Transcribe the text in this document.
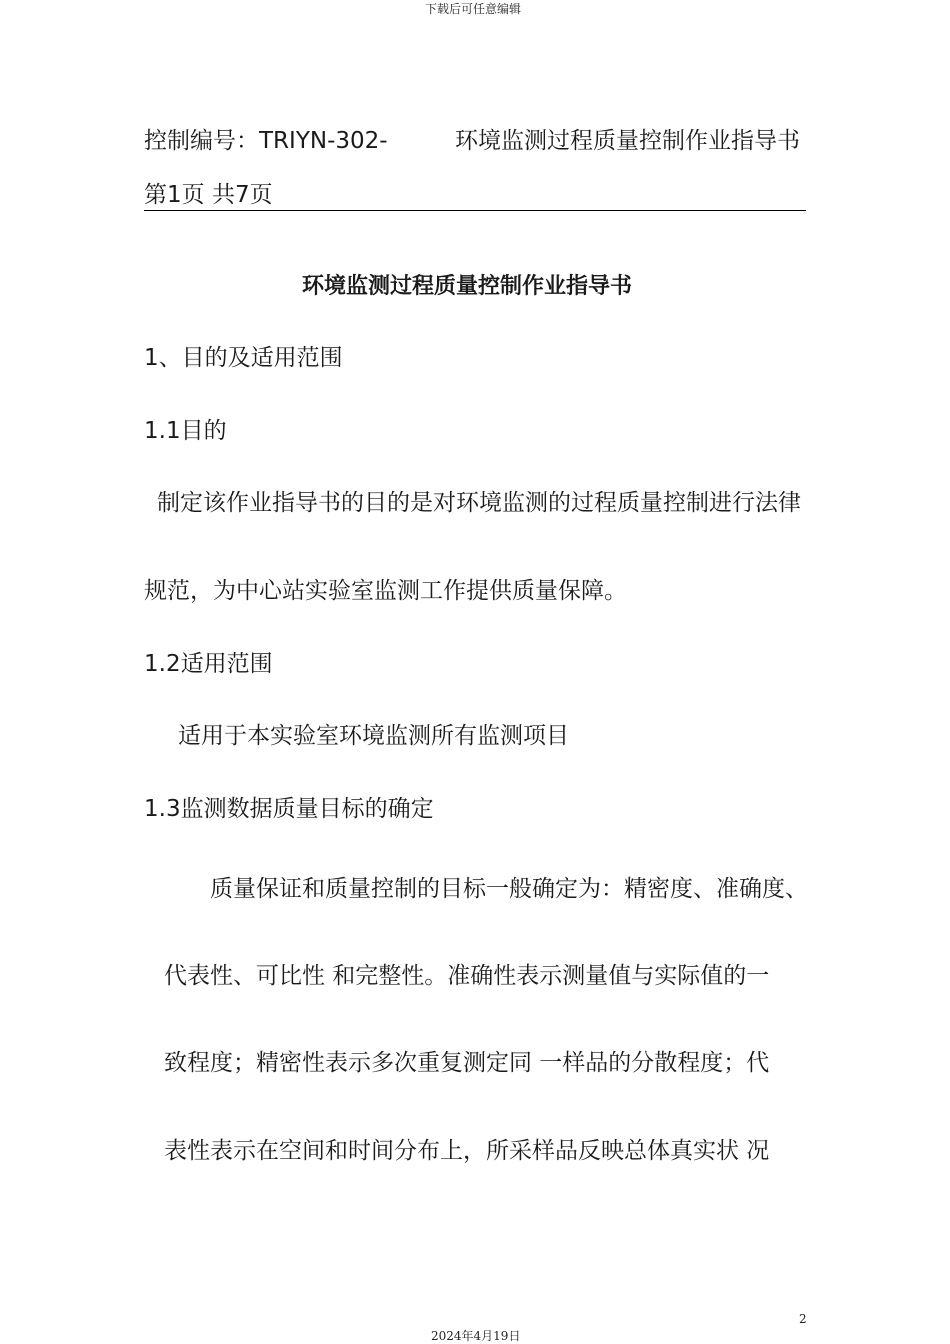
下载后可任意编辑
控制编号：TRIYN-302-	环境监测过程质量控制作业指导书
第1页 共7页
环境监测过程质量控制作业指导书
1、目的及适用范围
1.1目的
制定该作业指导书的目的是对环境监测的过程质量控制进行法律
规范，为中心站实验室监测工作提供质量保障。
1.2适用范围
适用于本实验室环境监测所有监测项目
1.3监测数据质量目标的确定
质量保证和质量控制的目标一般确定为：精密度、准确度、
代表性、可比性 和完整性。准确性表示测量值与实际值的一
致程度；精密性表示多次重复测定同 一样品的分散程度；代
表性表示在空间和时间分布上，所采样品反映总体真实状 况
2
2024年4月19日
